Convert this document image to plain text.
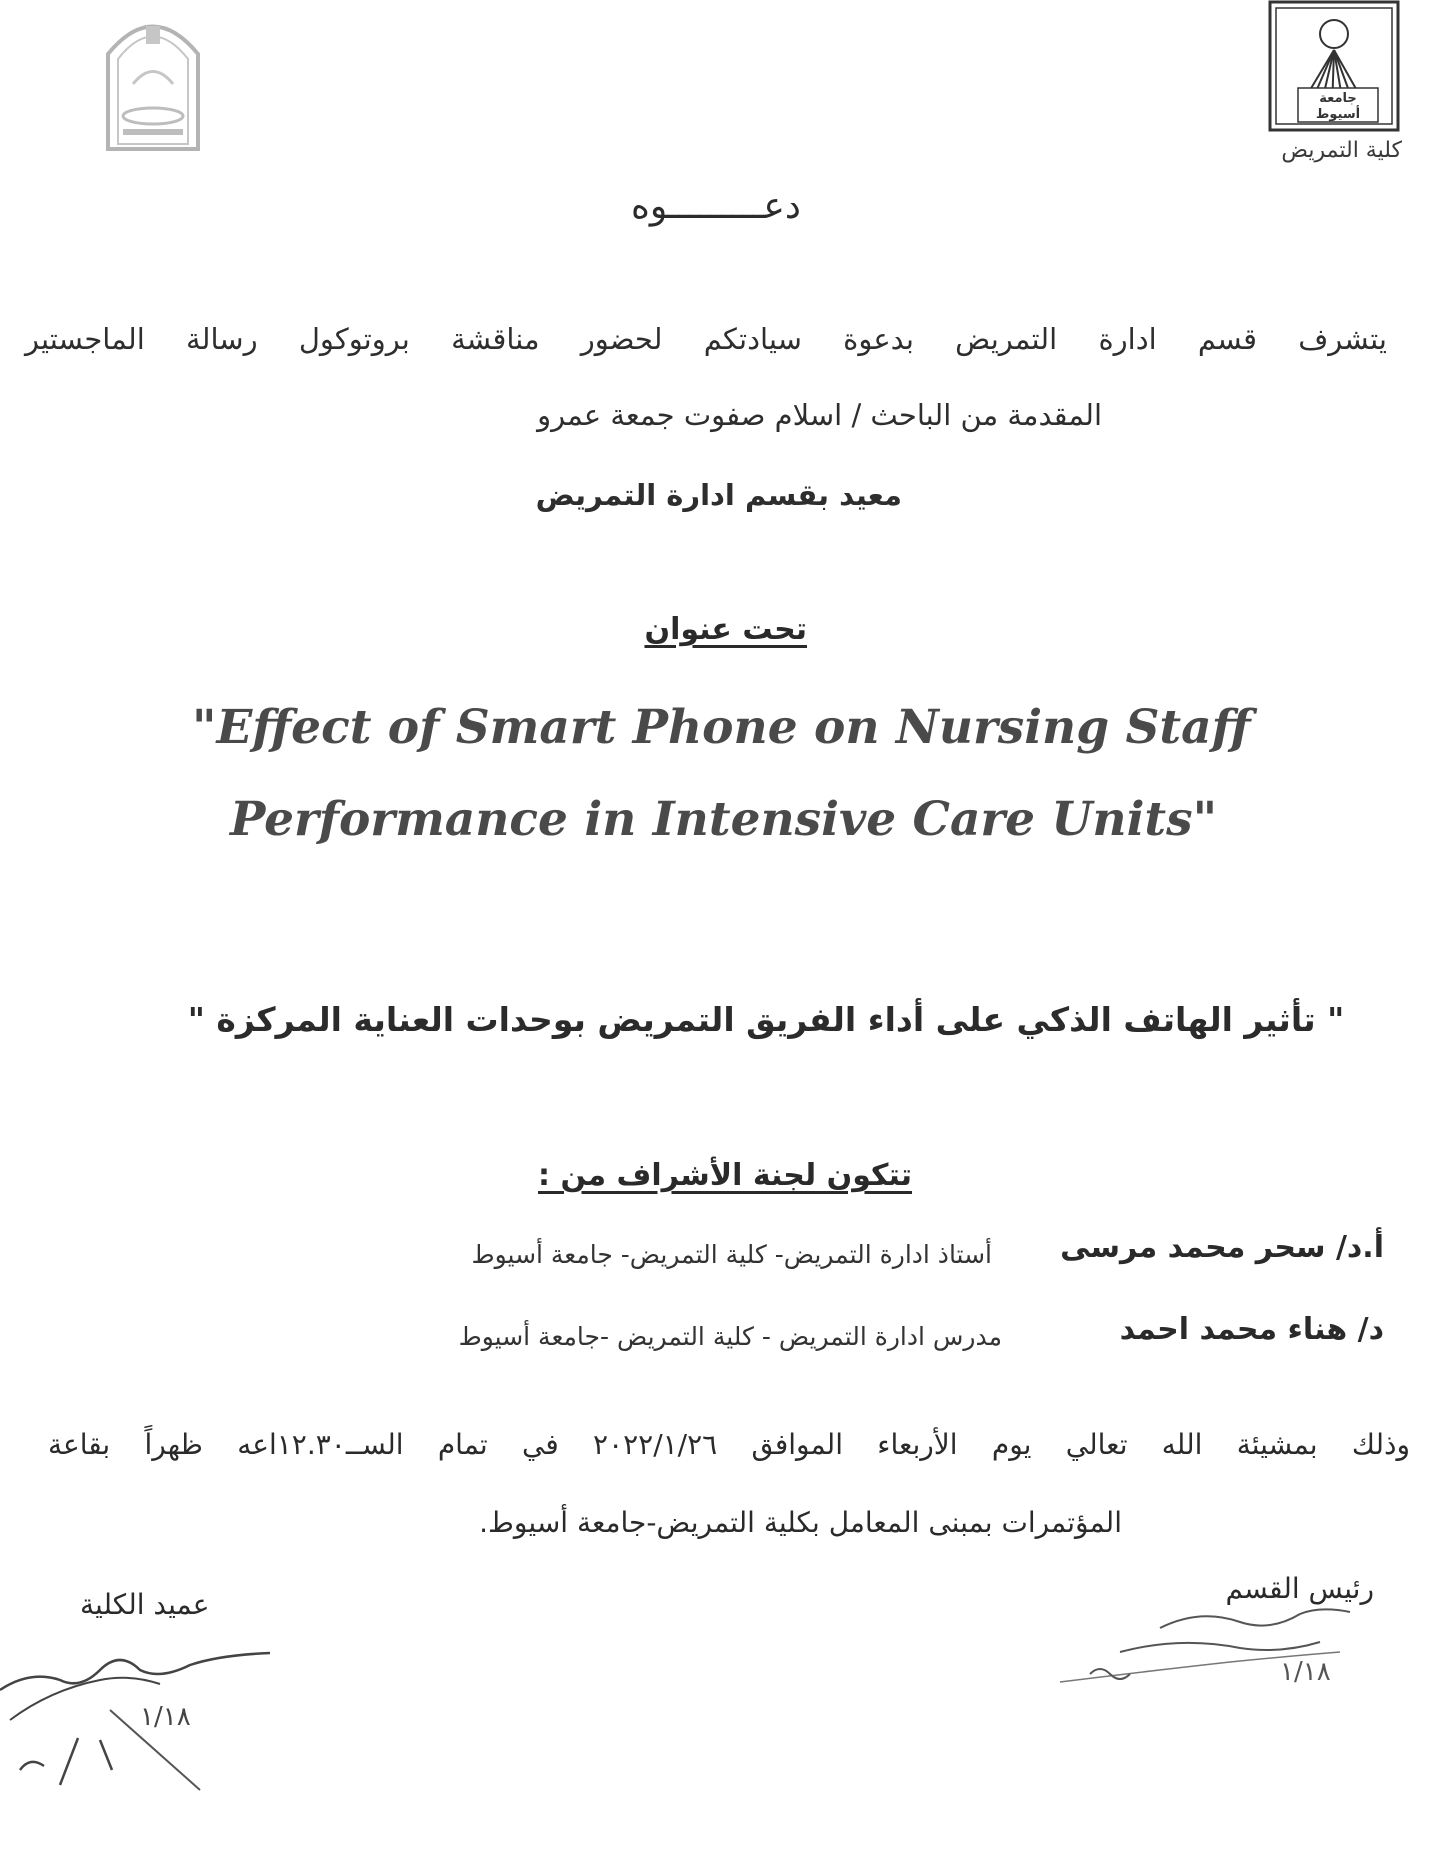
جامعة
أسيوط
كلية التمريض
دعـــــــــوه
يتشرف قسم ادارة التمريض بدعوة سيادتكم لحضور مناقشة بروتوكول رسالة الماجستير
المقدمة من الباحث / اسلام صفوت جمعة عمرو
معيد بقسم ادارة التمريض
تحت عنوان
"Effect of Smart Phone on Nursing Staff
Performance in Intensive Care Units"
" تأثير الهاتف الذكي على أداء الفريق التمريض بوحدات العناية المركزة "
تتكون لجنة الأشراف من :
أ.د/ سحر محمد مرسى
أستاذ ادارة التمريض- كلية التمريض- جامعة أسيوط
د/ هناء محمد احمد
مدرس ادارة التمريض - كلية التمريض -جامعة أسيوط
وذلك بمشيئة الله تعالي يوم الأربعاء الموافق ٢٠٢٢/١/٢٦ في تمام الســ١٢.٣٠اعه ظهراً بقاعة
المؤتمرات بمبنى المعامل بكلية التمريض-جامعة أسيوط.
رئيس القسم
عميد الكلية
١/١٨
١/١٨
